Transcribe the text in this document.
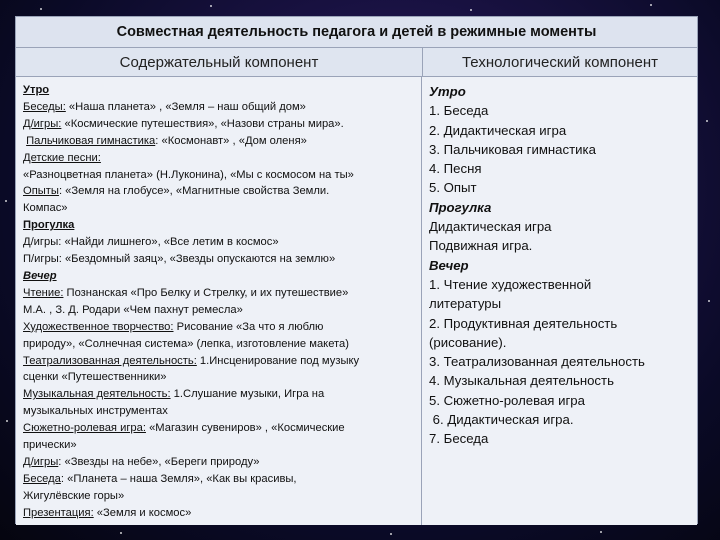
Совместная деятельность педагога и детей в режимные моменты
Содержательный компонент	Технологический компонент
Утро
Беседы: «Наша планета» , «Земля – наш общий дом»
Д/игры: «Космические путешествия», «Назови страны мира».
Пальчиковая гимнастика: «Космонавт» , «Дом оленя»
Детские песни:
«Разноцветная планета» (Н.Луконина), «Мы с космосом на ты»
Опыты: «Земля на глобусе», «Магнитные свойства Земли.
Компас»
Прогулка
Д/игры: «Найди лишнего», «Все летим в космос»
П/игры: «Бездомный заяц», «Звезды опускаются на землю»
Вечер
Чтение: Познанская «Про Белку и Стрелку, и их путешествие»
М.А. , З. Д. Родари «Чем пахнут ремесла»
Художественное творчество: Рисование «За что я люблю
природу», «Солнечная система» (лепка, изготовление макета)
Театрализованная деятельность: 1.Инсценирование под музыку
сценки «Путешественники»
Музыкальная деятельность: 1.Слушание музыки, Игра на
музыкальных инструментах
Сюжетно-ролевая игра: «Магазин сувениров» , «Космические
прически»
Д/игры: «Звезды на небе», «Береги природу»
Беседа: «Планета – наша Земля», «Как вы красивы,
Жигулёвские горы»
Презентация: «Земля и космос»
Утро
1. Беседа
2. Дидактическая игра
3. Пальчиковая гимнастика
4. Песня
5. Опыт
Прогулка
Дидактическая игра
Подвижная игра.
Вечер
1. Чтение художественной
литературы
2. Продуктивная деятельность
(рисование).
3. Театрализованная деятельность
4. Музыкальная деятельность
5. Сюжетно-ролевая игра
6. Дидактическая игра.
7. Беседа
